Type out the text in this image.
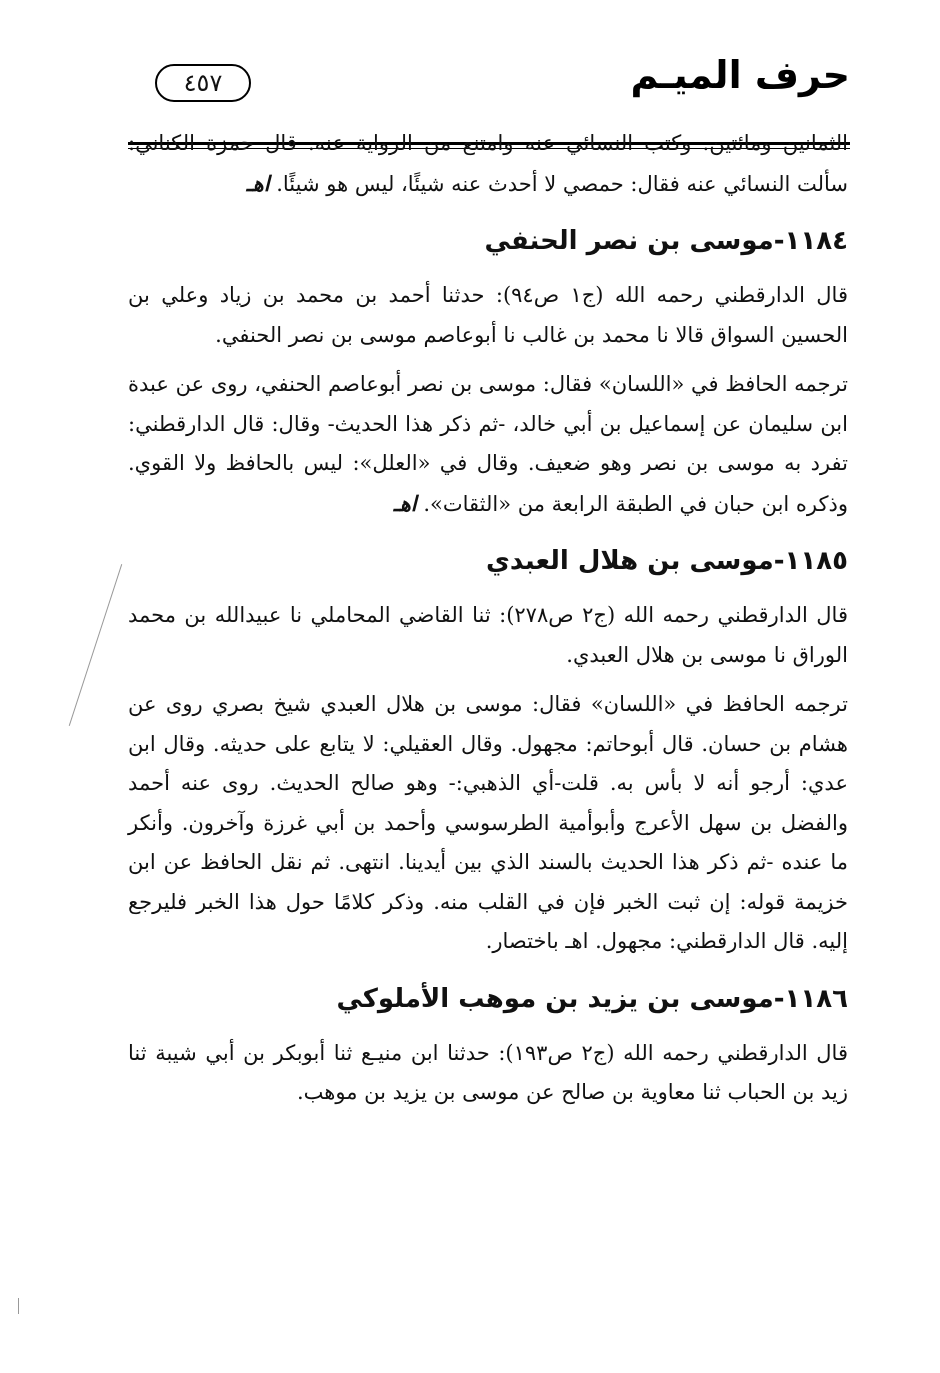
حرف الميـم
٤٥٧

الثمانين ومائتين. وكتب النسائي عنه وامتنع من الرواية عنه. قال حمزة الكناني: سألت النسائي عنه فقال: حمصي لا أحدث عنه شيئًا، ليس هو شيئًا. اهـ

١١٨٤-موسى بن نصر الحنفي

قال الدارقطني رحمه الله (ج١ ص٩٤): حدثنا أحمد بن محمد بن زياد وعلي بن الحسين السواق قالا نا محمد بن غالب نا أبوعاصم موسى بن نصر الحنفي.

ترجمه الحافظ في «اللسان» فقال: موسى بن نصر أبوعاصم الحنفي، روى عن عبدة ابن سليمان عن إسماعيل بن أبي خالد، -ثم ذكر هذا الحديث- وقال: قال الدارقطني: تفرد به موسى بن نصر وهو ضعيف. وقال في «العلل»: ليس بالحافظ ولا القوي. وذكره ابن حبان في الطبقة الرابعة من «الثقات». اهـ

١١٨٥-موسى بن هلال العبدي

قال الدارقطني رحمه الله (ج٢ ص٢٧٨): ثنا القاضي المحاملي نا عبيدالله بن محمد الوراق نا موسى بن هلال العبدي.

ترجمه الحافظ في «اللسان» فقال: موسى بن هلال العبدي شيخ بصري روى عن هشام بن حسان. قال أبوحاتم: مجهول. وقال العقيلي: لا يتابع على حديثه. وقال ابن عدي: أرجو أنه لا بأس به. قلت-أي الذهبي:- وهو صالح الحديث. روى عنه أحمد والفضل بن سهل الأعرج وأبوأمية الطرسوسي وأحمد بن أبي غرزة وآخرون. وأنكر ما عنده -ثم ذكر هذا الحديث بالسند الذي بين أيدينا. انتهى. ثم نقل الحافظ عن ابن خزيمة قوله: إن ثبت الخبر فإن في القلب منه. وذكر كلامًا حول هذا الخبر فليرجع إليه. قال الدارقطني: مجهول. اهـ باختصار.

١١٨٦-موسى بن يزيد بن موهب الأملوكي

قال الدارقطني رحمه الله (ج٢ ص١٩٣): حدثنا ابن منيـع ثنا أبوبكر بن أبي شيبة ثنا زيد بن الحباب ثنا معاوية بن صالح عن موسى بن يزيد بن موهب.
